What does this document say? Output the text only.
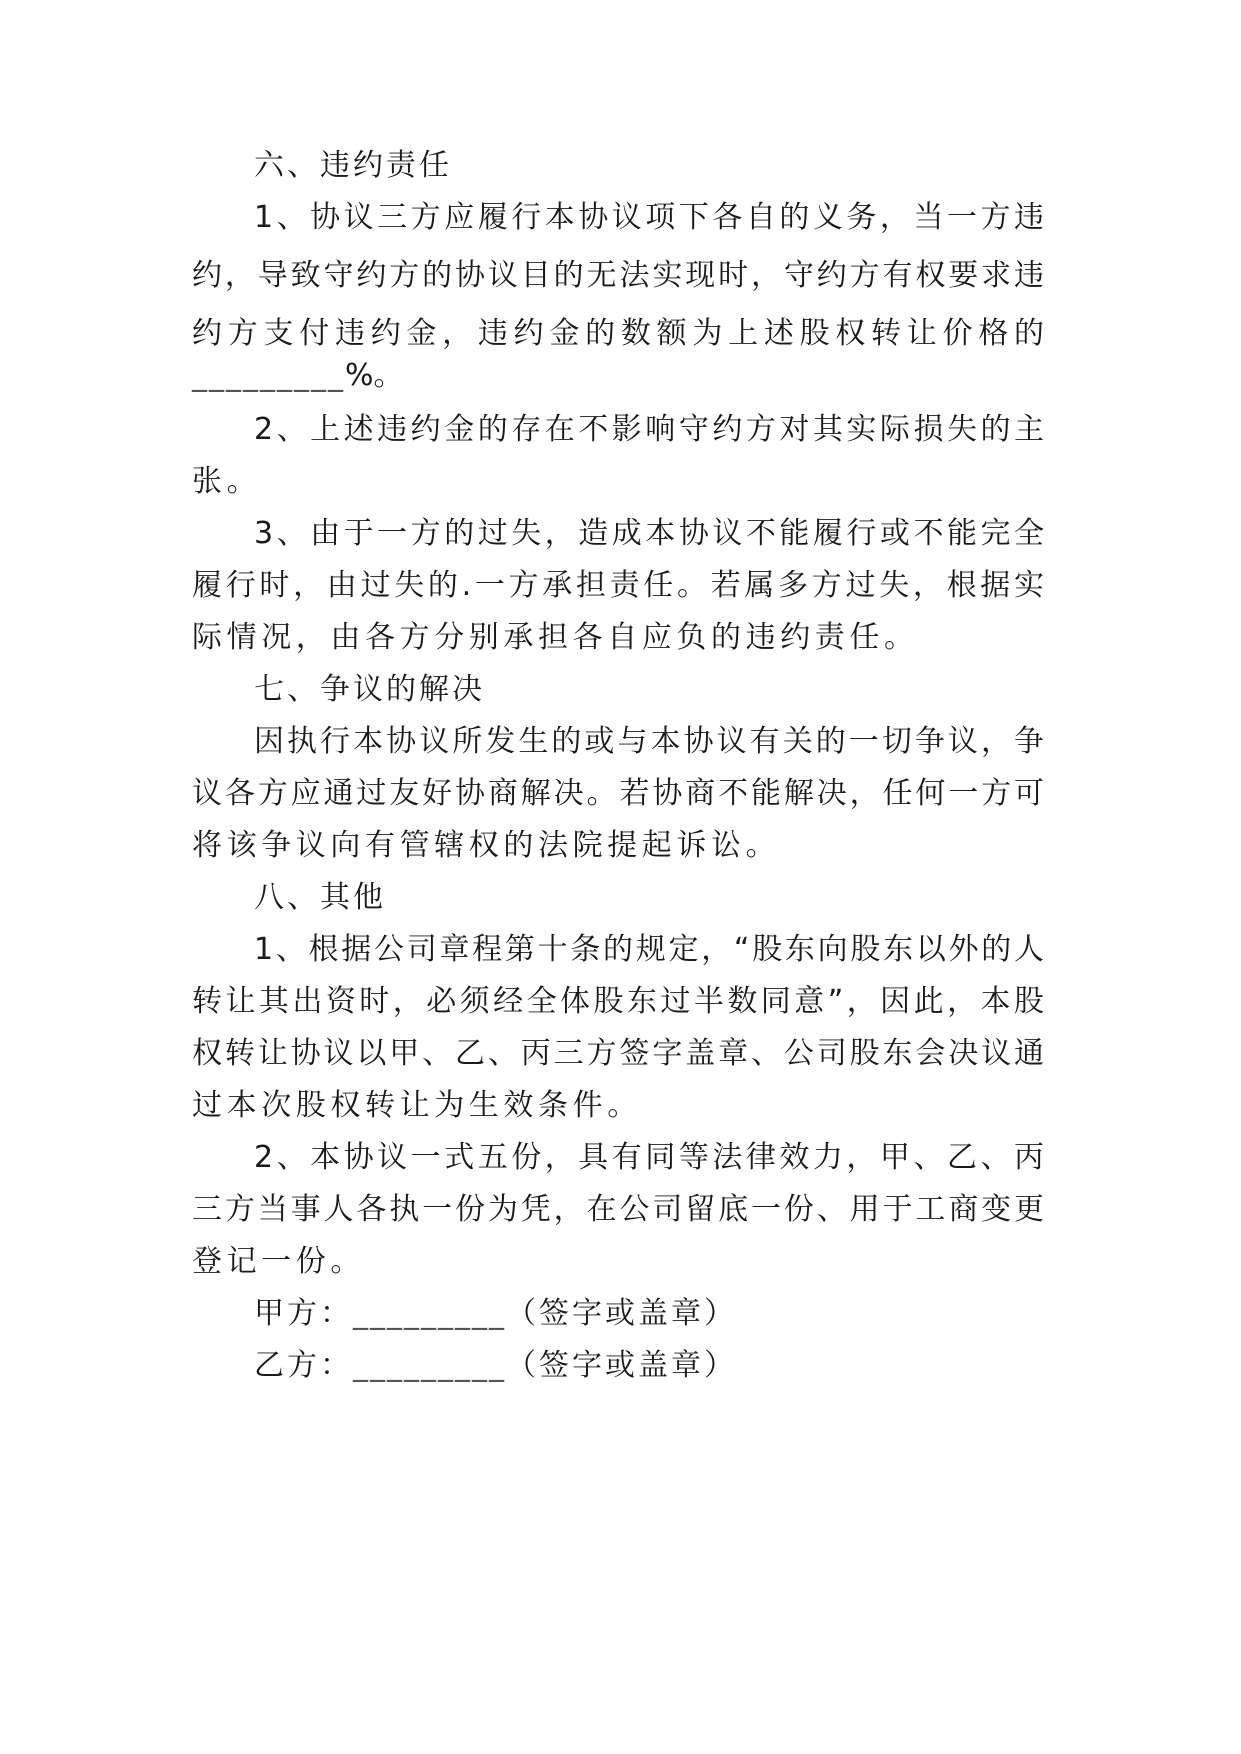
六、违约责任
1、协议三方应履行本协议项下各自的义务，当一方违
约，导致守约方的协议目的无法实现时，守约方有权要求违
约方支付违约金，违约金的数额为上述股权转让价格的
_________%。
2、上述违约金的存在不影响守约方对其实际损失的主
张。
3、由于一方的过失，造成本协议不能履行或不能完全
履行时，由过失的.一方承担责任。若属多方过失，根据实
际情况，由各方分别承担各自应负的违约责任。
七、争议的解决
因执行本协议所发生的或与本协议有关的一切争议，争
议各方应通过友好协商解决。若协商不能解决，任何一方可
将该争议向有管辖权的法院提起诉讼。
八、其他
1、根据公司章程第十条的规定，“股东向股东以外的人
转让其出资时，必须经全体股东过半数同意”，因此，本股
权转让协议以甲、乙、丙三方签字盖章、公司股东会决议通
过本次股权转让为生效条件。
2、本协议一式五份，具有同等法律效力，甲、乙、丙
三方当事人各执一份为凭，在公司留底一份、用于工商变更
登记一份。
甲方：_________（签字或盖章）
乙方：_________（签字或盖章）
